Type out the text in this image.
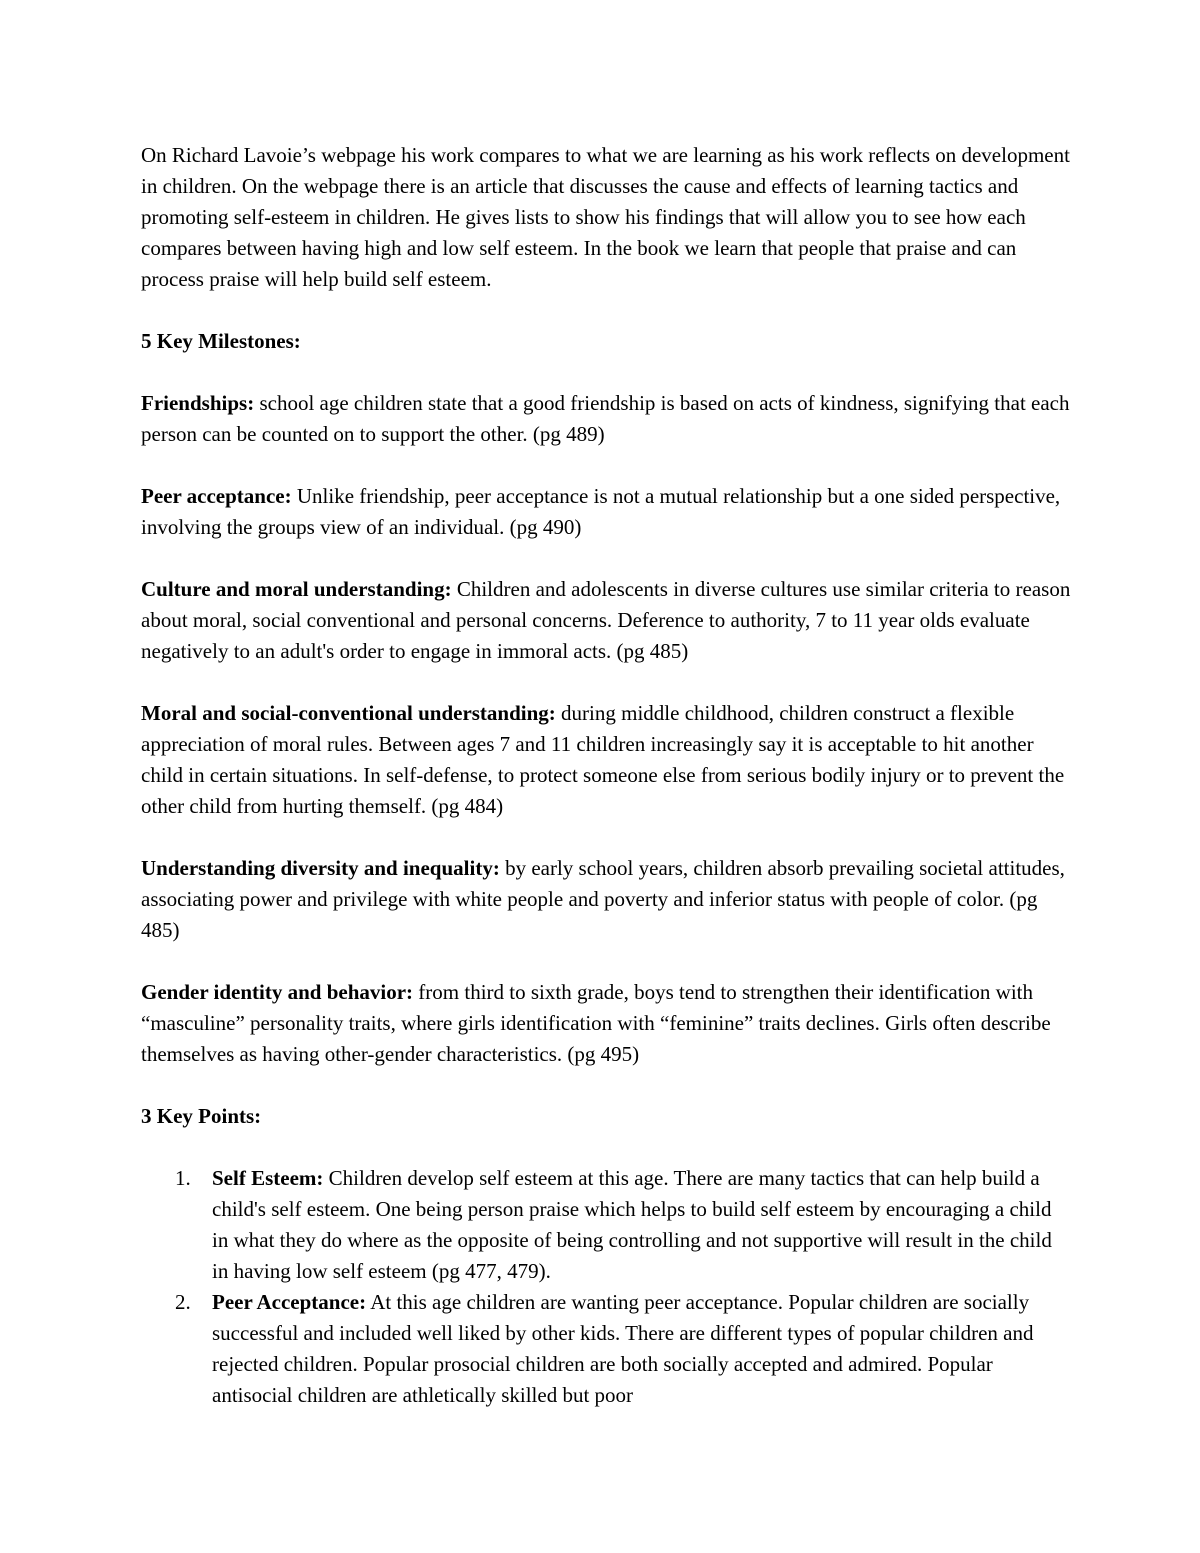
On Richard Lavoie’s webpage his work compares to what we are learning as his work reflects on development in children. On the webpage there is an article that discusses the cause and effects of learning tactics and promoting self-esteem in children. He gives lists to show his findings that will allow you to see how each compares between having high and low self esteem. In the book we learn that people that praise and can process praise will help build self esteem.

5 Key Milestones:

Friendships: school age children state that a good friendship is based on acts of kindness, signifying that each person can be counted on to support the other. (pg 489)

Peer acceptance: Unlike friendship, peer acceptance is not a mutual relationship but a one sided perspective, involving the groups view of an individual. (pg 490)

Culture and moral understanding: Children and adolescents in diverse cultures use similar criteria to reason about moral, social conventional and personal concerns. Deference to authority, 7 to 11 year olds evaluate negatively to an adult's order to engage in immoral acts. (pg 485)

Moral and social-conventional understanding: during middle childhood, children construct a flexible appreciation of moral rules. Between ages 7 and 11 children increasingly say it is acceptable to hit another child in certain situations. In self-defense, to protect someone else from serious bodily injury or to prevent the other child from hurting themself. (pg 484)

Understanding diversity and inequality: by early school years, children absorb prevailing societal attitudes, associating power and privilege with white people and poverty and inferior status with people of color. (pg 485)

Gender identity and behavior: from third to sixth grade, boys tend to strengthen their identification with “masculine” personality traits, where girls identification with “feminine” traits declines. Girls often describe themselves as having other-gender characteristics. (pg 495)

3 Key Points:

1. Self Esteem: Children develop self esteem at this age. There are many tactics that can help build a child's self esteem. One being person praise which helps to build self esteem by encouraging a child in what they do where as the opposite of being controlling and not supportive will result in the child in having low self esteem (pg 477, 479).
2. Peer Acceptance: At this age children are wanting peer acceptance. Popular children are socially successful and included well liked by other kids. There are different types of popular children and rejected children. Popular prosocial children are both socially accepted and admired. Popular antisocial children are athletically skilled but poor
